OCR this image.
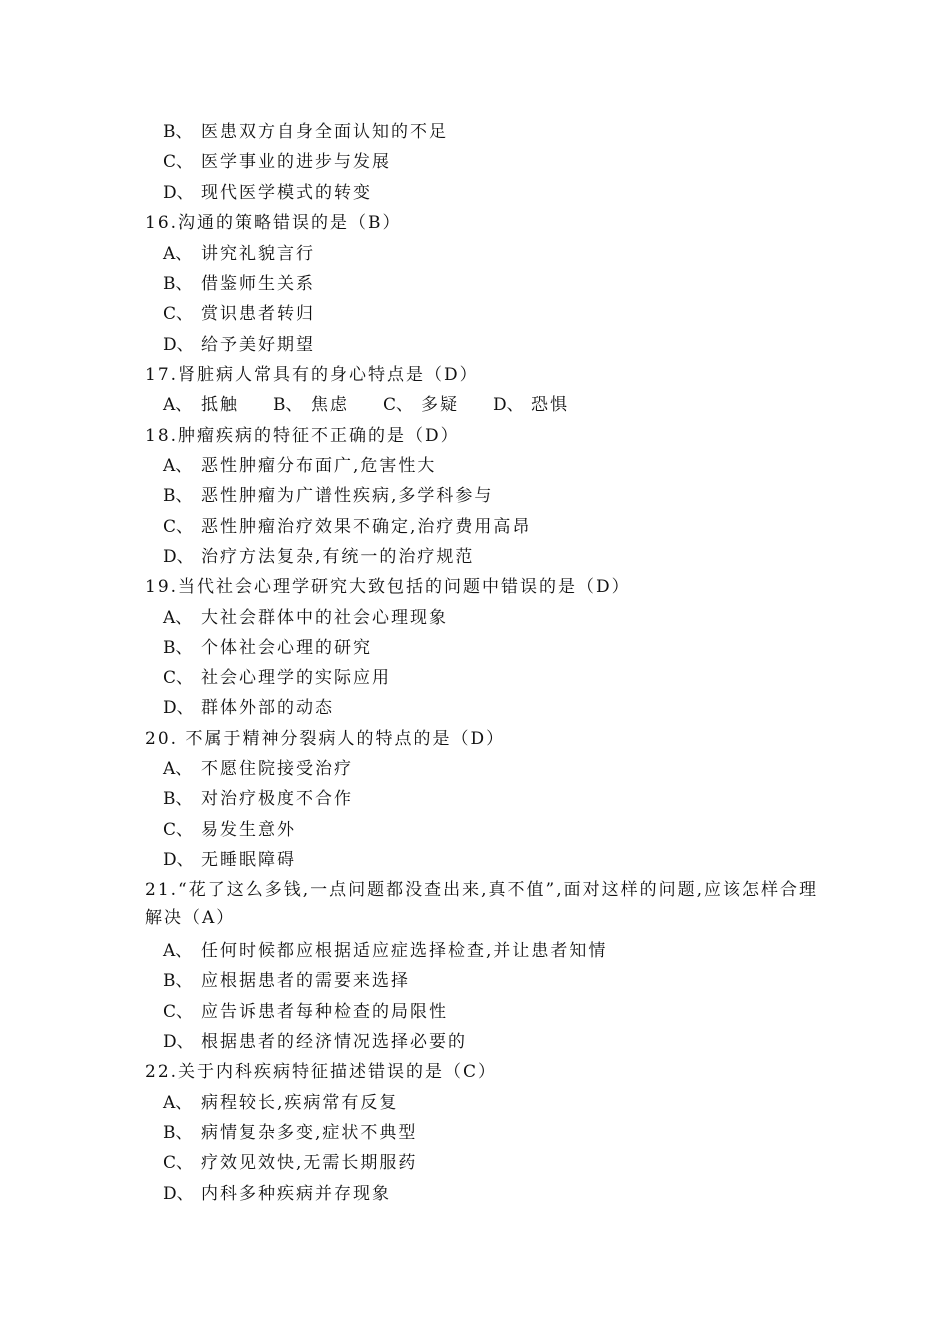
B、 医患双方自身全面认知的不足
C、 医学事业的进步与发展
D、 现代医学模式的转变
16.沟通的策略错误的是（B）
A、 讲究礼貌言行
B、 借鉴师生关系
C、 赏识患者转归
D、 给予美好期望
17.肾脏病人常具有的身心特点是（D）
A、 抵触 B、 焦虑 C、 多疑 D、 恐惧
18.肿瘤疾病的特征不正确的是（D）
A、 恶性肿瘤分布面广,危害性大
B、 恶性肿瘤为广谱性疾病,多学科参与
C、 恶性肿瘤治疗效果不确定,治疗费用高昂
D、 治疗方法复杂,有统一的治疗规范
19.当代社会心理学研究大致包括的问题中错误的是（D）
A、 大社会群体中的社会心理现象
B、 个体社会心理的研究
C、 社会心理学的实际应用
D、 群体外部的动态
20. 不属于精神分裂病人的特点的是（D）
A、 不愿住院接受治疗
B、 对治疗极度不合作
C、 易发生意外
D、 无睡眠障碍
21.“花了这么多钱,一点问题都没查出来,真不值”,面对这样的问题,应该怎样合理
解决（A）
A、 任何时候都应根据适应症选择检查,并让患者知情
B、 应根据患者的需要来选择
C、 应告诉患者每种检查的局限性
D、 根据患者的经济情况选择必要的
22.关于内科疾病特征描述错误的是（C）
A、 病程较长,疾病常有反复
B、 病情复杂多变,症状不典型
C、 疗效见效快,无需长期服药
D、 内科多种疾病并存现象
